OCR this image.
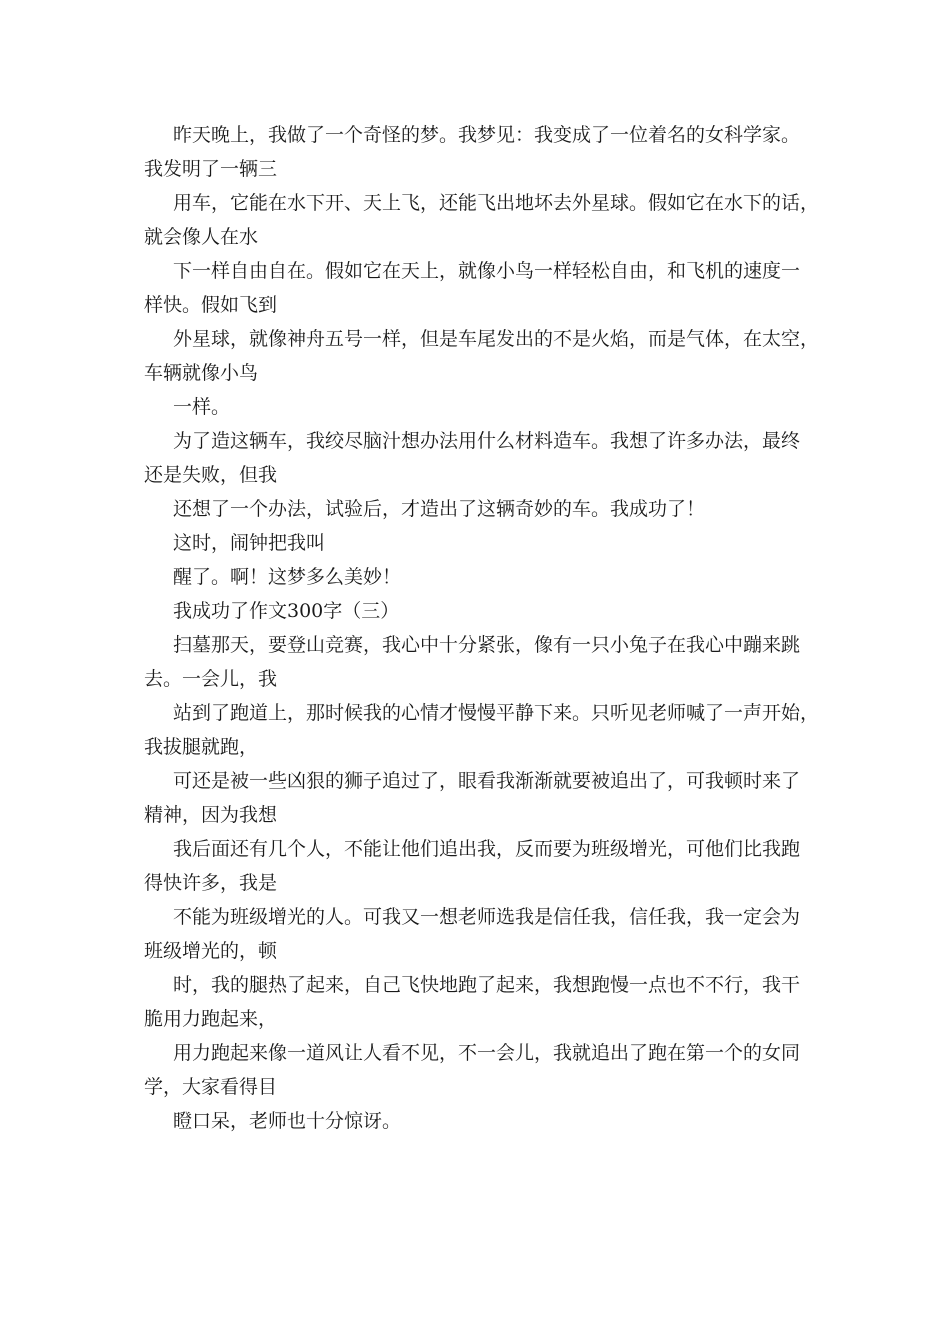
昨天晚上，我做了一个奇怪的梦。我梦见：我变成了一位着名的女科学家。
我发明了一辆三

用车，它能在水下开、天上飞，还能飞出地坏去外星球。假如它在水下的话，
就会像人在水

下一样自由自在。假如它在天上，就像小鸟一样轻松自由，和飞机的速度一
样快。假如飞到

外星球，就像神舟五号一样，但是车尾发出的不是火焰，而是气体，在太空，
车辆就像小鸟

一样。

为了造这辆车，我绞尽脑汁想办法用什么材料造车。我想了许多办法，最终
还是失败，但我

还想了一个办法，试验后，才造出了这辆奇妙的车。我成功了！

这时，闹钟把我叫

醒了。啊！这梦多么美妙！

我成功了作文300字（三）

扫墓那天，要登山竞赛，我心中十分紧张，像有一只小兔子在我心中蹦来跳
去。一会儿，我

站到了跑道上，那时候我的心情才慢慢平静下来。只听见老师喊了一声开始，
我拔腿就跑，

可还是被一些凶狠的狮子追过了，眼看我渐渐就要被追出了，可我顿时来了
精神，因为我想

我后面还有几个人，不能让他们追出我，反而要为班级增光，可他们比我跑
得快许多，我是

不能为班级增光的人。可我又一想老师选我是信任我，信任我，我一定会为
班级增光的，顿

时，我的腿热了起来，自己飞快地跑了起来，我想跑慢一点也不不行，我干
脆用力跑起来，

用力跑起来像一道风让人看不见，不一会儿，我就追出了跑在第一个的女同
学，大家看得目

瞪口呆，老师也十分惊讶。
